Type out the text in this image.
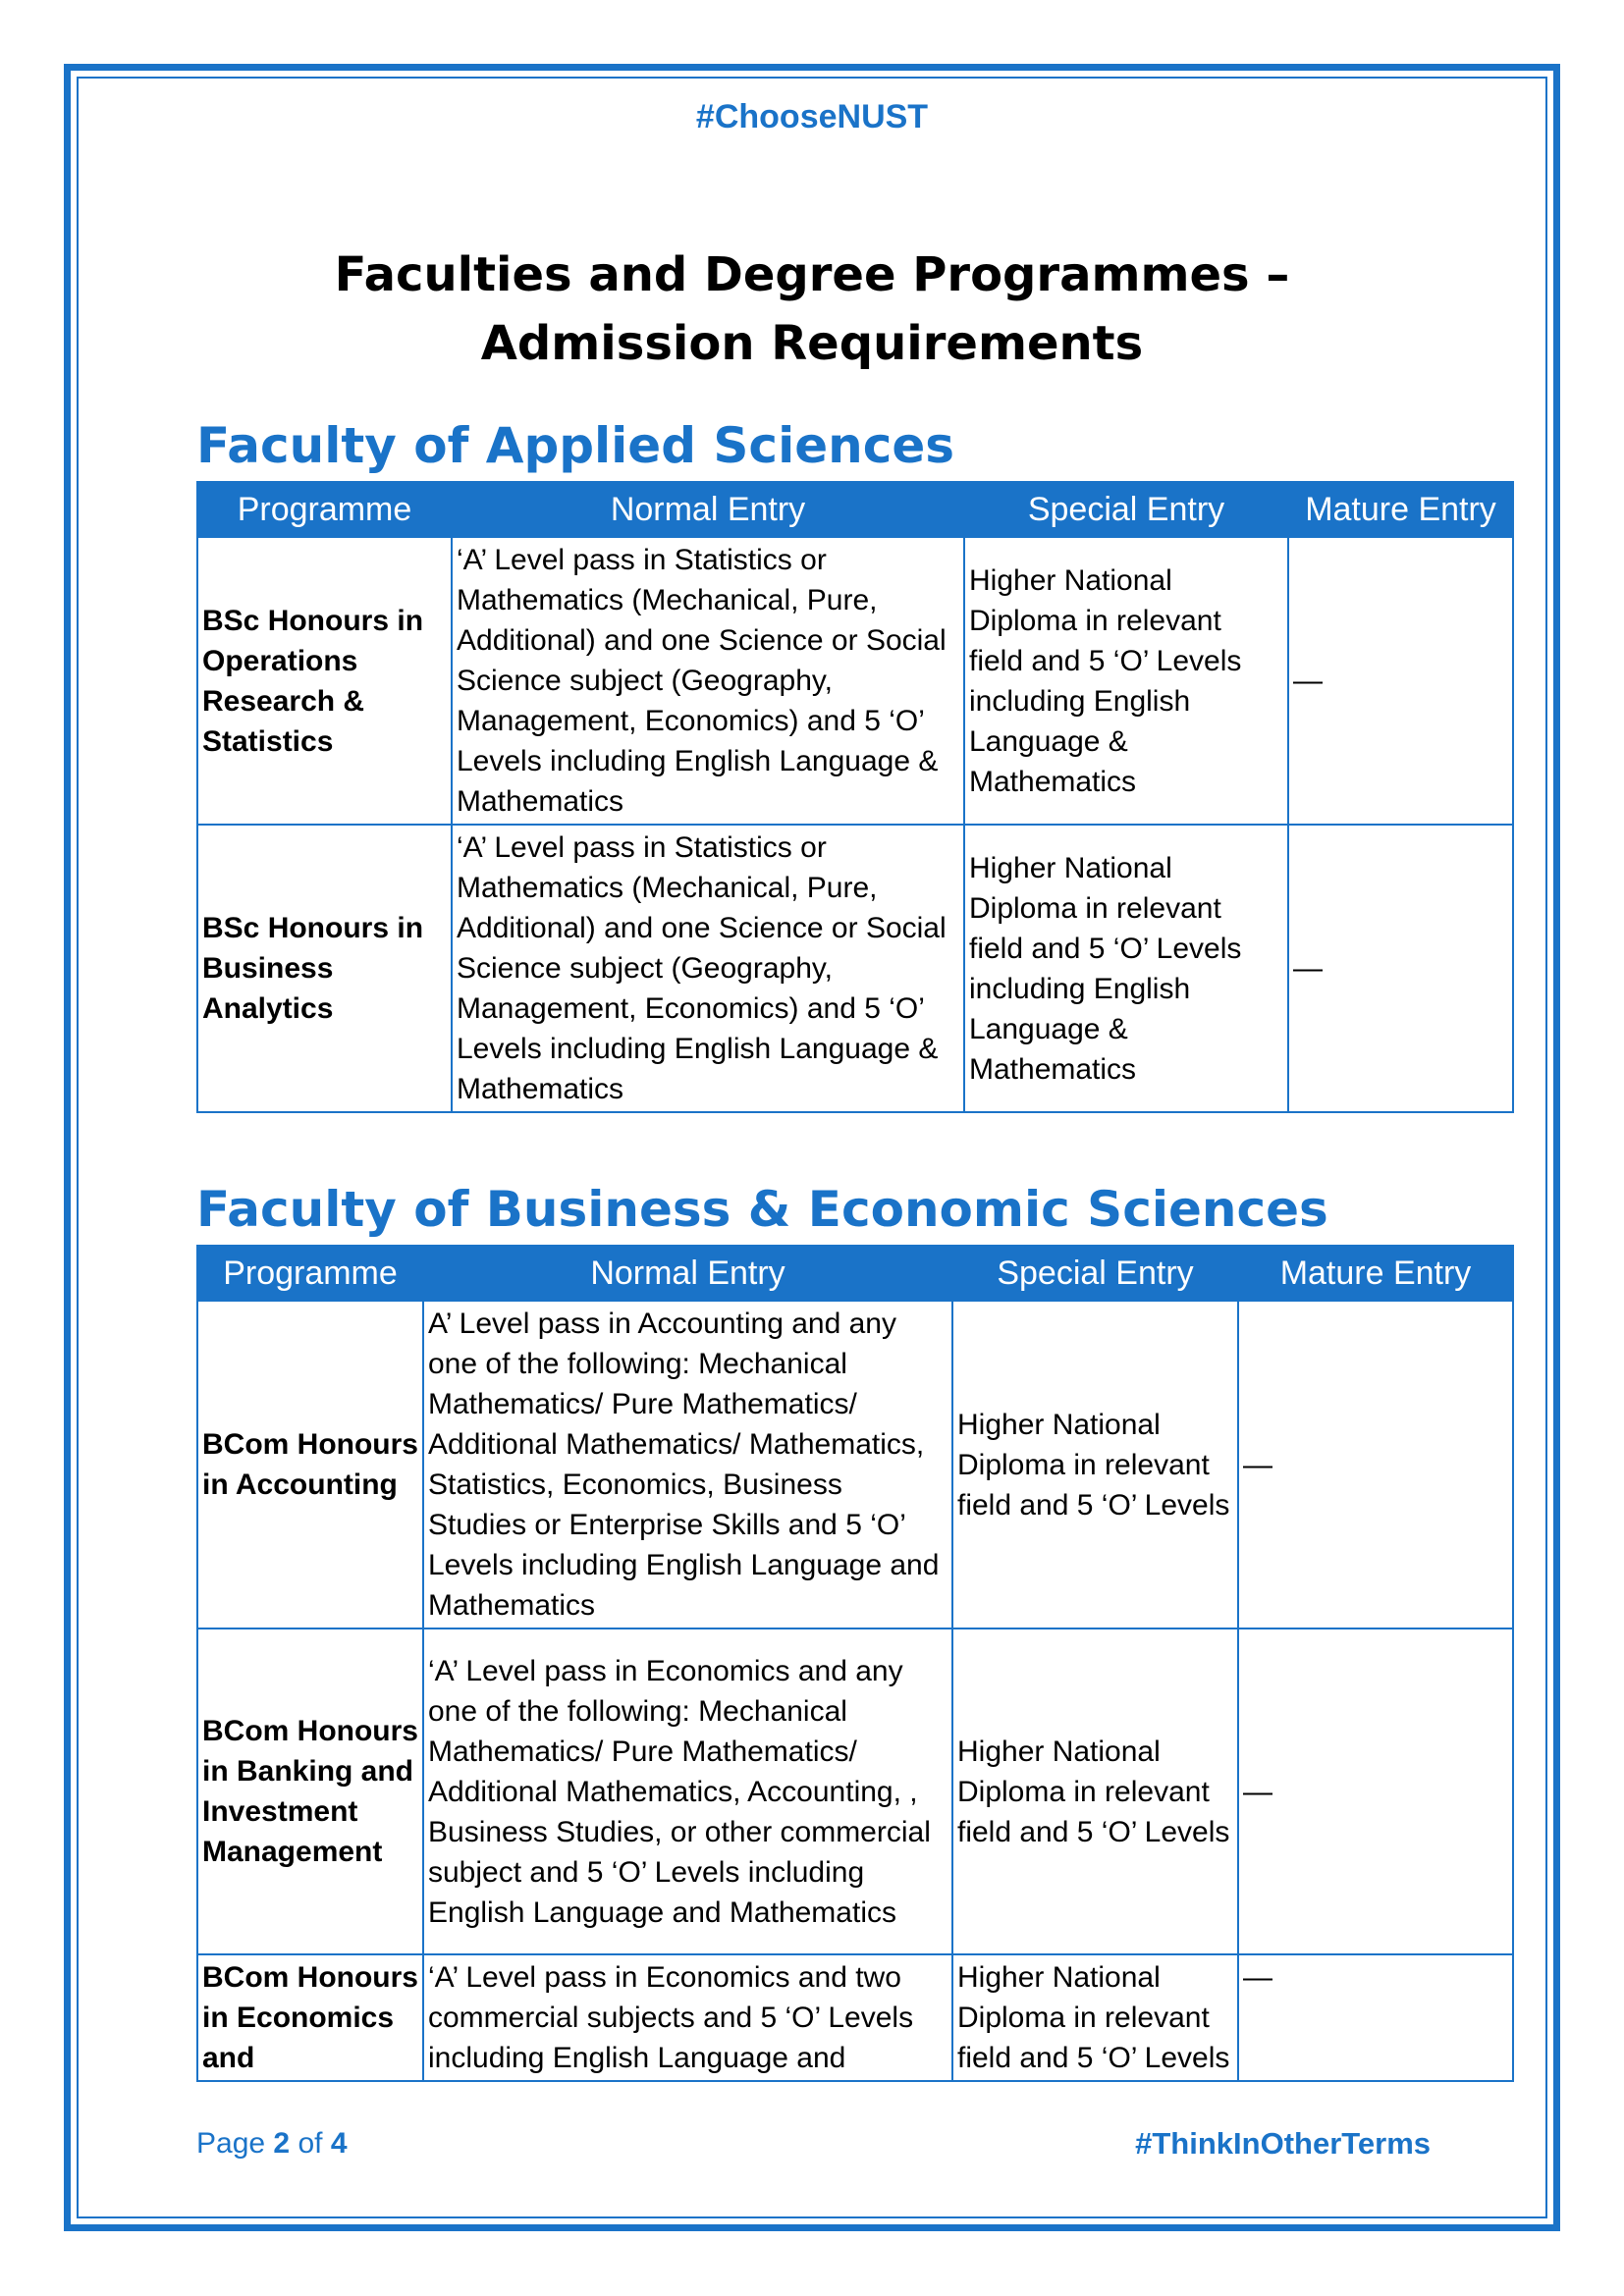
#ChooseNUST
Faculties and Degree Programmes –
Admission Requirements
Faculty of Applied Sciences
Programme	Normal Entry	Special Entry	Mature Entry
BSc Honours in Operations Research & Statistics	‘A’ Level pass in Statistics or Mathematics (Mechanical, Pure, Additional) and one Science or Social Science subject (Geography, Management, Economics) and 5 ‘O’ Levels including English Language & Mathematics	Higher National Diploma in relevant field and 5 ‘O’ Levels including English Language & Mathematics	—
BSc Honours in Business Analytics	‘A’ Level pass in Statistics or Mathematics (Mechanical, Pure, Additional) and one Science or Social Science subject (Geography, Management, Economics) and 5 ‘O’ Levels including English Language & Mathematics	Higher National Diploma in relevant field and 5 ‘O’ Levels including English Language & Mathematics	—
Faculty of Business & Economic Sciences
Programme	Normal Entry	Special Entry	Mature Entry
BCom Honours in Accounting	A’ Level pass in Accounting and any one of the following: Mechanical Mathematics/ Pure Mathematics/ Additional Mathematics/ Mathematics, Statistics, Economics, Business Studies or Enterprise Skills and 5 ‘O’ Levels including English Language and Mathematics	Higher National Diploma in relevant field and 5 ‘O’ Levels	—
BCom Honours in Banking and Investment Management	‘A’ Level pass in Economics and any one of the following: Mechanical Mathematics/ Pure Mathematics/ Additional Mathematics, Accounting, , Business Studies, or other commercial subject and 5 ‘O’ Levels including English Language and Mathematics	Higher National Diploma in relevant field and 5 ‘O’ Levels	—
BCom Honours in Economics and	‘A’ Level pass in Economics and two commercial subjects and 5 ‘O’ Levels including English Language and	Higher National Diploma in relevant field and 5 ‘O’ Levels	—
Page 2 of 4	#ThinkInOtherTerms
